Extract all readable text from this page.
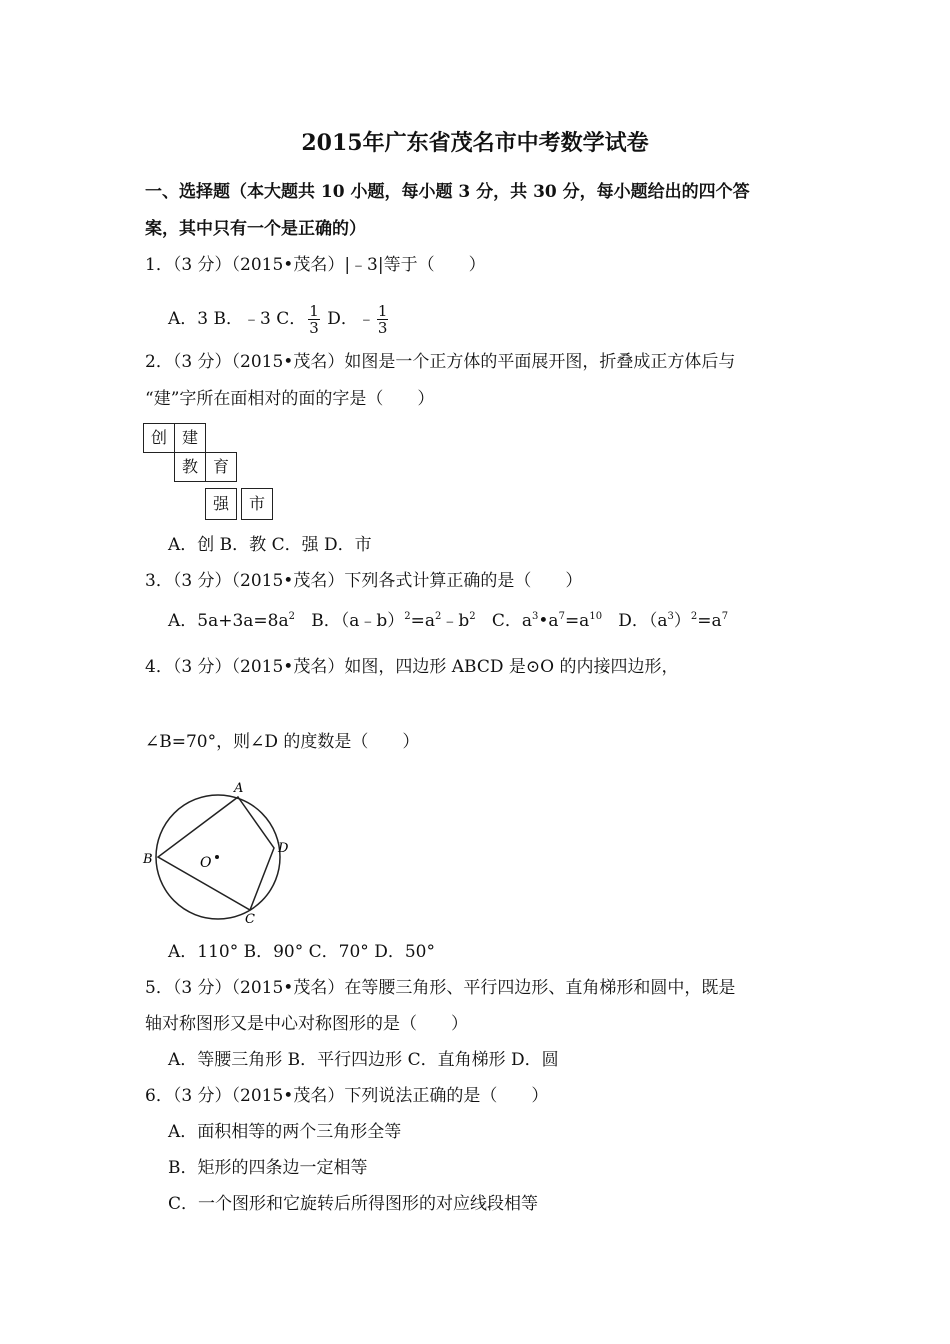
2015年广东省茂名市中考数学试卷
一、选择题（本大题共 10 小题，每小题 3 分，共 30 分，每小题给出的四个答
案，其中只有一个是正确的）
1．（3 分）（2015•茂名）|﹣3|等于（　　）
A．3 B．﹣3 C． $\frac{1}{3}$ D．﹣ $\frac{1}{3}$
2．（3 分）（2015•茂名）如图是一个正方体的平面展开图，折叠成正方体后与
“建”字所在面相对的面的字是（　　）
创 建
教 育
强	市
A．创 B．教 C．强 D．市
3．（3 分）（2015•茂名）下列各式计算正确的是（　　）
A．$5a+3a=8a^2$ B．$(a﹣b)^2=a^2﹣b^2$ C．$a^3•a^7=a^{10}$ D．$(a^3)^2=a^7$
4．（3 分）（2015•茂名）如图，四边形 ABCD 是⊙O 的内接四边形，
∠B=70°，则∠D 的度数是（　　）
A
D
C
B	O
A．110° B．90° C．70° D．50°
5．（3 分）（2015•茂名）在等腰三角形、平行四边形、直角梯形和圆中，既是
轴对称图形又是中心对称图形的是（　　）
A．等腰三角形 B．平行四边形 C．直角梯形 D．圆
6．（3 分）（2015•茂名）下列说法正确的是（　　）
A．面积相等的两个三角形全等
B．矩形的四条边一定相等
C．一个图形和它旋转后所得图形的对应线段相等
